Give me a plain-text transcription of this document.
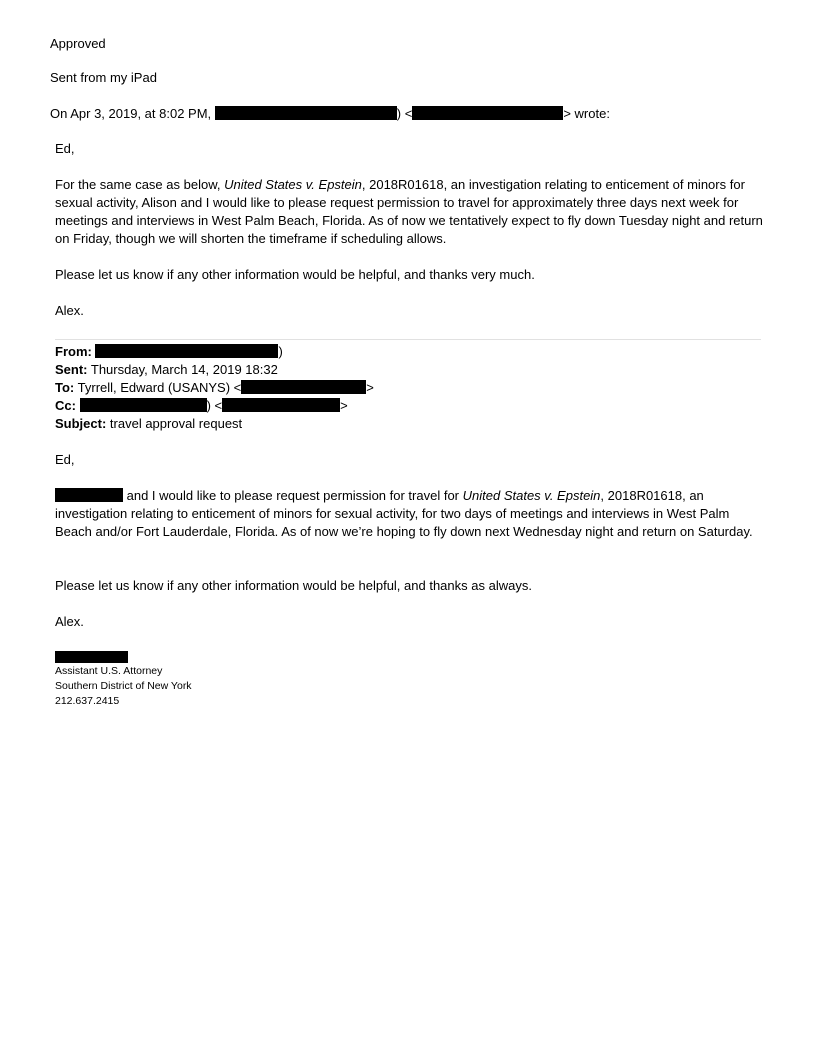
Approved
Sent from my iPad
On Apr 3, 2019, at 8:02 PM,	) <	> wrote:
Ed,
For the same case as below, United States v. Epstein, 2018R01618, an investigation relating to enticement of minors for sexual activity, Alison and I would like to please request permission to travel for approximately three days next week for meetings and interviews in West Palm Beach, Florida. As of now we tentatively expect to fly down Tuesday night and return on Friday, though we will shorten the timeframe if scheduling allows.
Please let us know if any other information would be helpful, and thanks very much.
Alex.
From:	)
Sent: Thursday, March 14, 2019 18:32
To: Tyrrell, Edward (USANYS) <	>
Cc:	) <	>
Subject: travel approval request
Ed,
and I would like to please request permission for travel for United States v. Epstein, 2018R01618, an investigation relating to enticement of minors for sexual activity, for two days of meetings and interviews in West Palm Beach and/or Fort Lauderdale, Florida. As of now we’re hoping to fly down next Wednesday night and return on Saturday.
Please let us know if any other information would be helpful, and thanks as always.
Alex.
Assistant U.S. Attorney
Southern District of New York
212.637.2415
